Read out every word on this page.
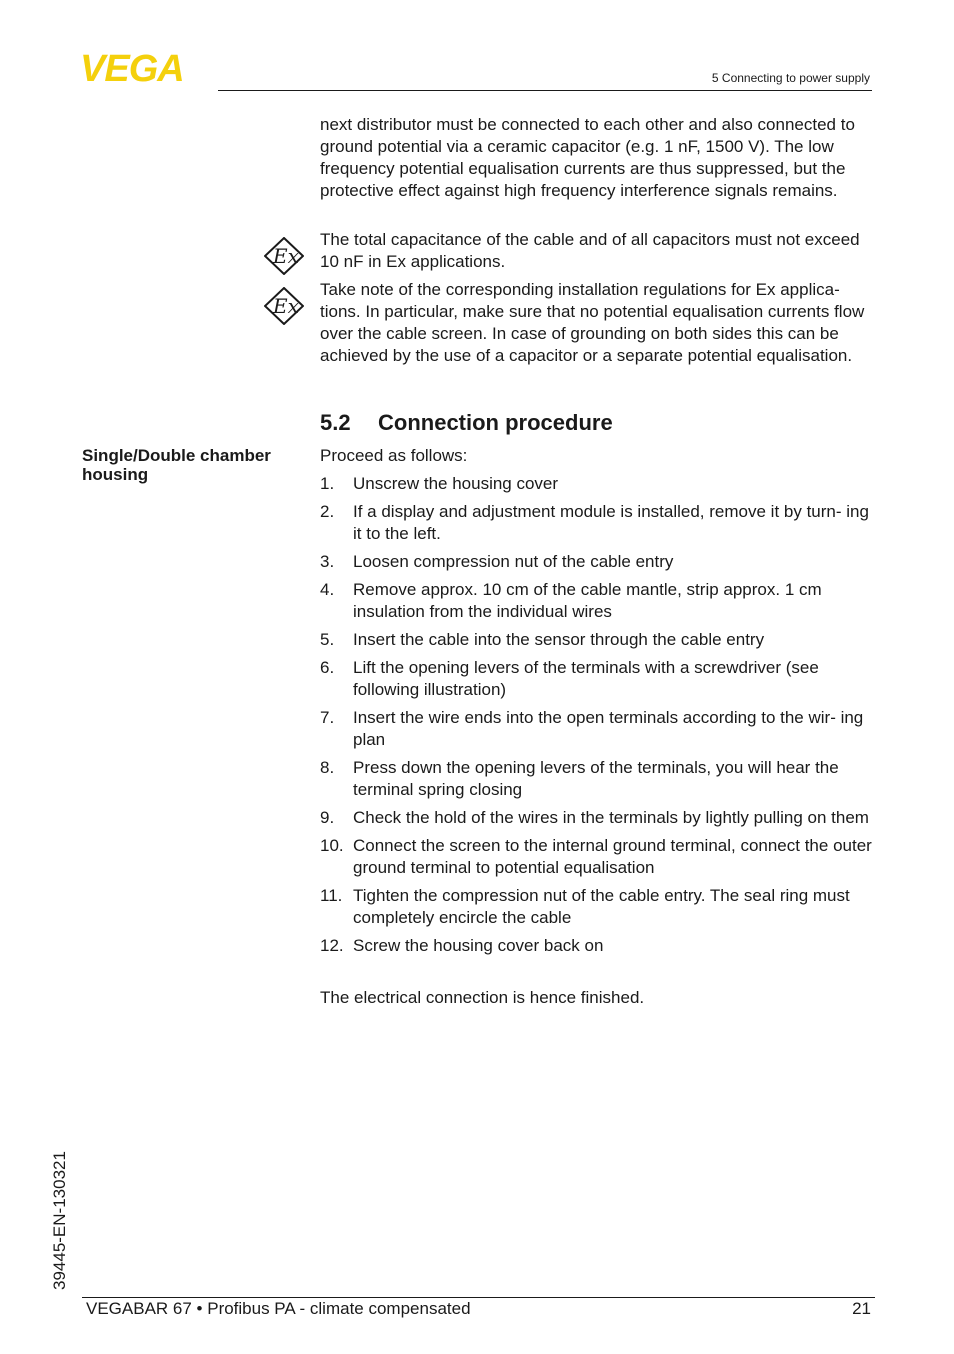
VEGA	5 Connecting to power supply

next distributor must be connected to each other and also connected to ground potential via a ceramic capacitor (e.g. 1 nF, 1500 V). The low frequency potential equalisation currents are thus suppressed, but the protective effect against high frequency interference signals remains.

Ex

The total capacitance of the cable and of all capacitors must not exceed 10 nF in Ex applications.

Ex

Take note of the corresponding installation regulations for Ex applica- tions. In particular, make sure that no potential equalisation currents flow over the cable screen. In case of grounding on both sides this can be achieved by the use of a capacitor or a separate potential equalisation.

5.2 Connection procedure

Single/Double chamber housing

Proceed as follows:

1. Unscrew the housing cover
2. If a display and adjustment module is installed, remove it by turn- ing it to the left.
3. Loosen compression nut of the cable entry
4. Remove approx. 10 cm of the cable mantle, strip approx. 1 cm insulation from the individual wires
5. Insert the cable into the sensor through the cable entry
6. Lift the opening levers of the terminals with a screwdriver (see following illustration)
7. Insert the wire ends into the open terminals according to the wir- ing plan
8. Press down the opening levers of the terminals, you will hear the terminal spring closing
9. Check the hold of the wires in the terminals by lightly pulling on them
10. Connect the screen to the internal ground terminal, connect the outer ground terminal to potential equalisation
11. Tighten the compression nut of the cable entry. The seal ring must completely encircle the cable
12. Screw the housing cover back on

The electrical connection is hence finished.

39445-EN-130321
VEGABAR 67 • Profibus PA - climate compensated	21
